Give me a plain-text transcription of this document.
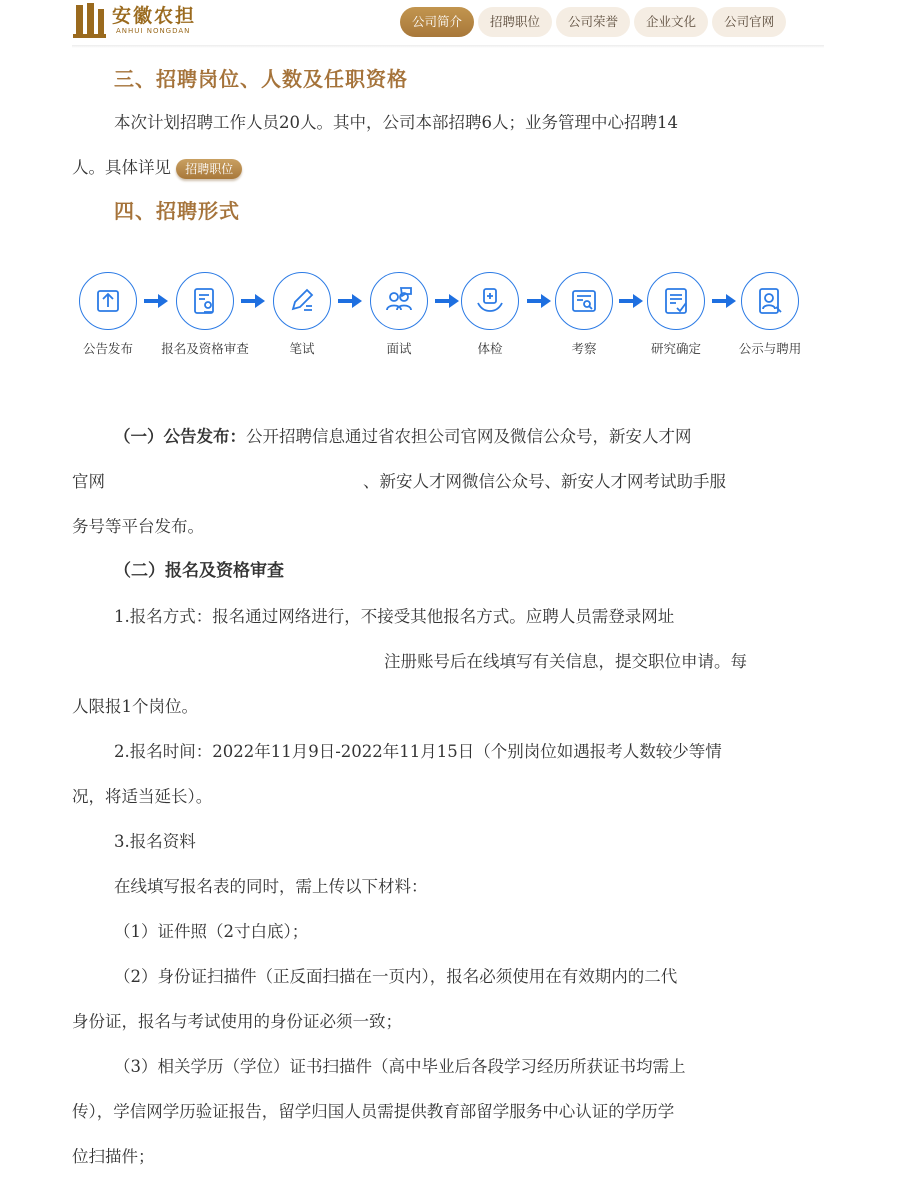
安徽农担
ANHUI NONGDAN
公司简介	招聘职位	公司荣誉	企业文化	公司官网
三、招聘岗位、人数及任职资格

本次计划招聘工作人员20人。其中，公司本部招聘6人；业务管理中心招聘14

人。具体详见 招聘职位

四、招聘形式
公告发布	报名及资格审查	笔试	面试	体检	考察	研究确定	公示与聘用

（一）公告发布：公开招聘信息通过省农担公司官网及微信公众号，新安人才网

官网	、新安人才网微信公众号、新安人才网考试助手服

务号等平台发布。

（二）报名及资格审查

1.报名方式：报名通过网络进行，不接受其他报名方式。应聘人员需登录网址

注册账号后在线填写有关信息，提交职位申请。每

人限报1个岗位。

2.报名时间：2022年11月9日-2022年11月15日（个别岗位如遇报考人数较少等情

况，将适当延长）。

3.报名资料

在线填写报名表的同时，需上传以下材料：

（1）证件照（2寸白底）；

（2）身份证扫描件（正反面扫描在一页内），报名必须使用在有效期内的二代

身份证，报名与考试使用的身份证必须一致；

（3）相关学历（学位）证书扫描件（高中毕业后各段学习经历所获证书均需上

传），学信网学历验证报告，留学归国人员需提供教育部留学服务中心认证的学历学

位扫描件；
